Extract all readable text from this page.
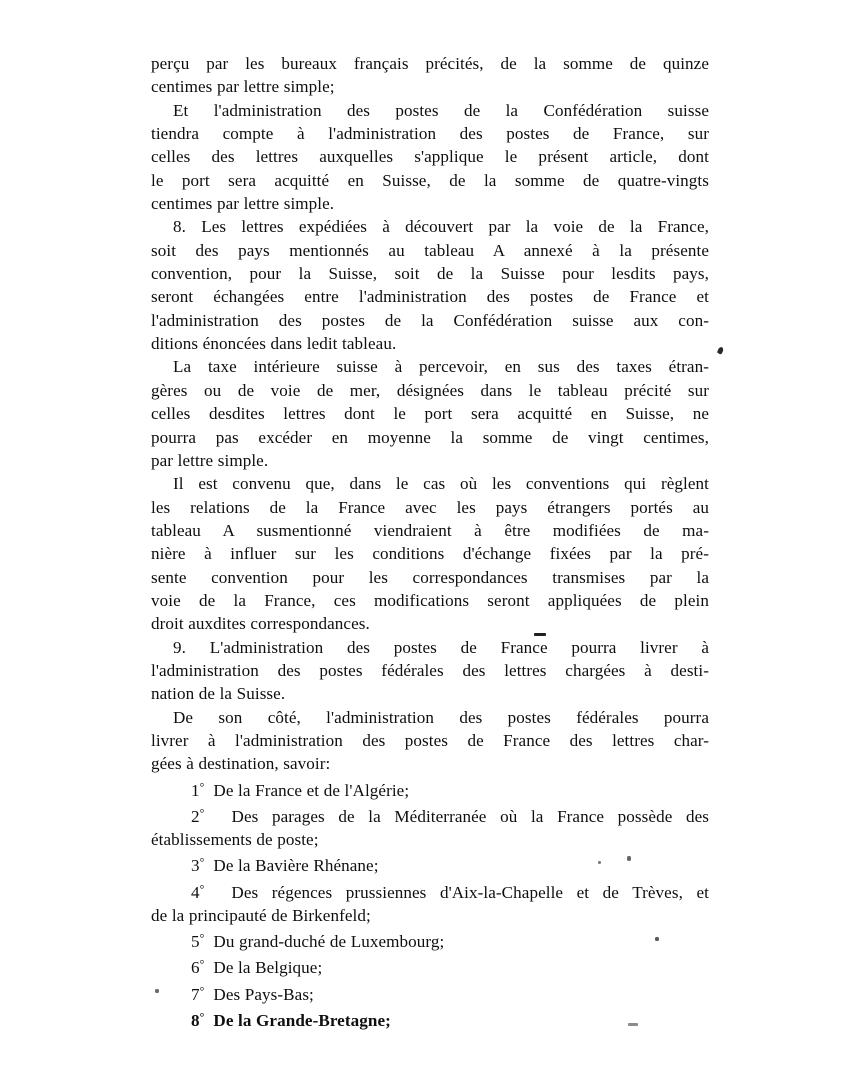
perçu par les bureaux français précités, de la somme de quinze

centimes par lettre simple;

Et l'administration des postes de la Confédération suisse

tiendra compte à l'administration des postes de France, sur

celles des lettres auxquelles s'applique le présent article, dont

le port sera acquitté en Suisse, de la somme de quatre-vingts

centimes par lettre simple.

8. Les lettres expédiées à découvert par la voie de la France,

soit des pays mentionnés au tableau A annexé à la présente

convention, pour la Suisse, soit de la Suisse pour lesdits pays,

seront échangées entre l'administration des postes de France et

l'administration des postes de la Confédération suisse aux con-

ditions énoncées dans ledit tableau.

La taxe intérieure suisse à percevoir, en sus des taxes étran-

gères ou de voie de mer, désignées dans le tableau précité sur

celles desdites lettres dont le port sera acquitté en Suisse, ne

pourra pas excéder en moyenne la somme de vingt centimes,

par lettre simple.

Il est convenu que, dans le cas où les conventions qui règlent

les relations de la France avec les pays étrangers portés au

tableau A susmentionné viendraient à être modifiées de ma-

nière à influer sur les conditions d'échange fixées par la pré-

sente convention pour les correspondances transmises par la

voie de la France, ces modifications seront appliquées de plein

droit auxdites correspondances.

9. L'administration des postes de France pourra livrer à

l'administration des postes fédérales des lettres chargées à desti-

nation de la Suisse.

De son côté, l'administration des postes fédérales pourra

livrer à l'administration des postes de France des lettres char-

gées à destination, savoir:

1° De la France et de l'Algérie;

2° Des parages de la Méditerranée où la France possède des

établissements de poste;

3° De la Bavière Rhénane;

4° Des régences prussiennes d'Aix-la-Chapelle et de Trèves, et

de la principauté de Birkenfeld;

5° Du grand-duché de Luxembourg;

6° De la Belgique;

7° Des Pays-Bas;

8° De la Grande-Bretagne;
